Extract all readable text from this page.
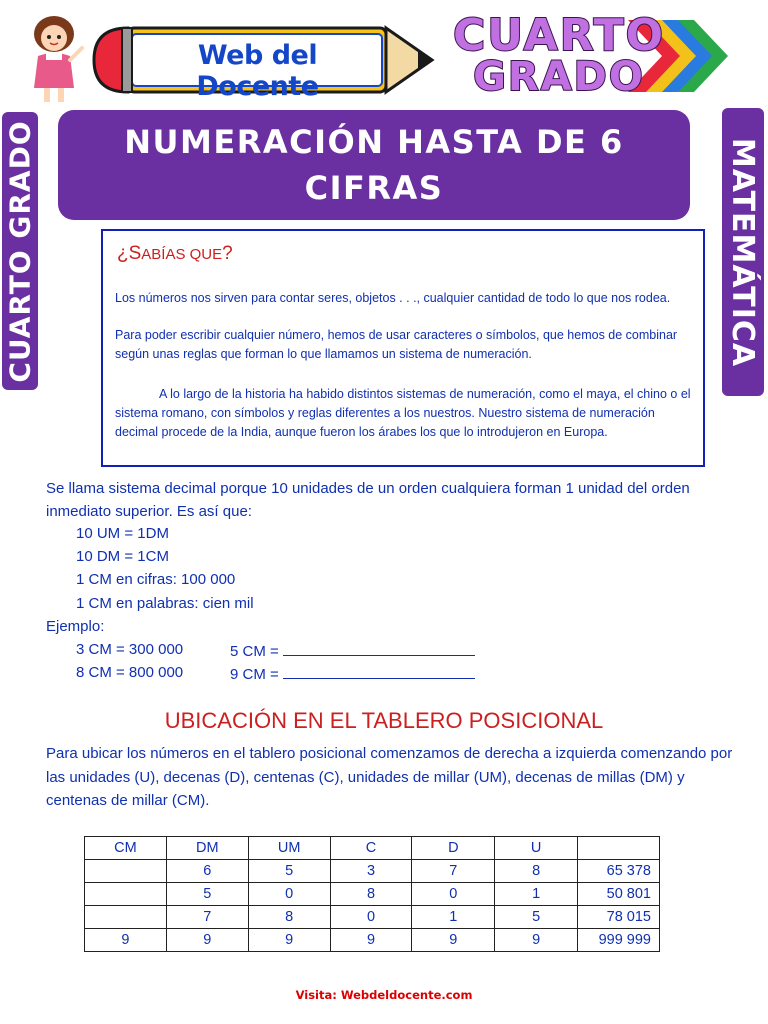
Web del Docente
CUARTO
GRADO
CUARTO GRADO	MATEMÁTICA
NUMERACIÓN HASTA DE 6 CIFRAS
¿SABÍAS QUE?

Los números nos sirven para contar seres, objetos . . ., cualquier cantidad de todo lo que nos rodea.

Para poder escribir cualquier número, hemos de usar caracteres o símbolos, que hemos de combinar según unas reglas que forman lo que llamamos un sistema de numeración.

A lo largo de la historia ha habido distintos sistemas de numeración, como el maya, el chino o el sistema romano, con símbolos y reglas diferentes a los nuestros. Nuestro sistema de numeración decimal procede de la India, aunque fueron los árabes los que lo introdujeron en Europa.

Se llama sistema decimal porque 10 unidades de un orden cualquiera forman 1 unidad del orden inmediato superior. Es así que:

10 UM = 1DM
10 DM = 1CM
1 CM en cifras: 100 000
1 CM en palabras: cien mil
Ejemplo:
3 CM = 300 000	5 CM =
8 CM = 800 000	9 CM =
UBICACIÓN EN EL TABLERO POSICIONAL

Para ubicar los números en el tablero posicional comenzamos de derecha a izquierda comenzando por las unidades (U), decenas (D), centenas (C), unidades de millar (UM), decenas de millas (DM) y centenas de millar (CM).

CM	DM	UM	C	D	U	
	6	5	3	7	8	65 378
	5	0	8	0	1	50 801
	7	8	0	1	5	78 015
9	9	9	9	9	9	999 999
Visita: Webdeldocente.com
